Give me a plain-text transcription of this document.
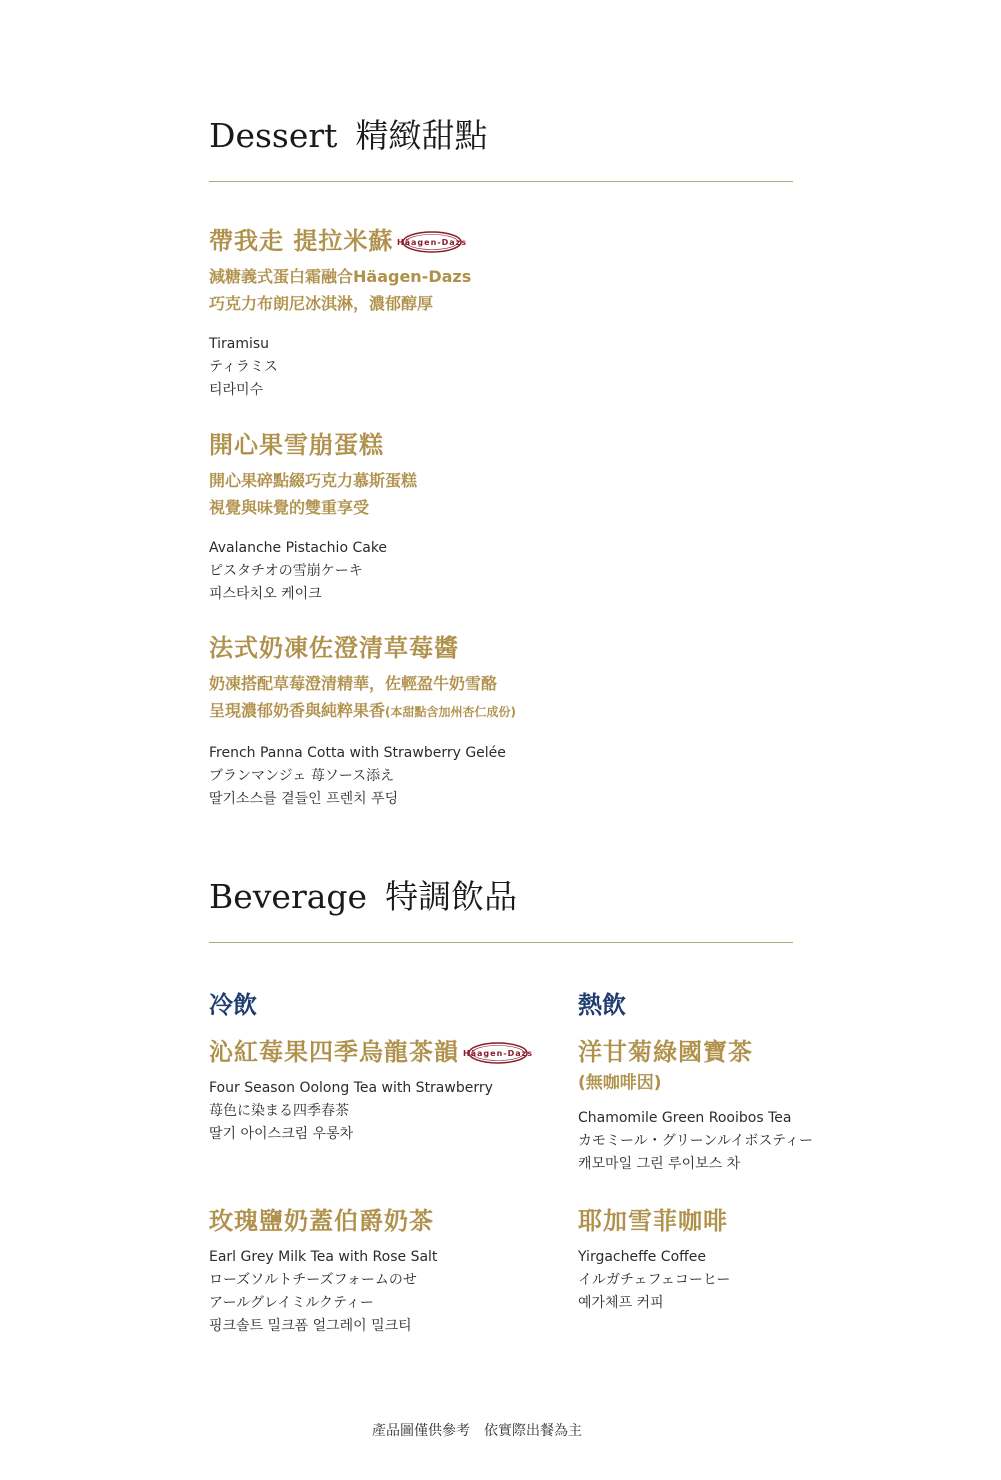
Dessert 精緻甜點
帶我走 提拉米蘇 Häagen-Dazs
減糖義式蛋白霜融合Häagen-Dazs
巧克力布朗尼冰淇淋，濃郁醇厚
Tiramisu
ティラミス
티라미수
開心果雪崩蛋糕
開心果碎點綴巧克力慕斯蛋糕
視覺與味覺的雙重享受
Avalanche Pistachio Cake
ピスタチオの雪崩ケーキ
피스타치오 케이크
法式奶凍佐澄清草莓醬
奶凍搭配草莓澄清精華，佐輕盈牛奶雪酪
呈現濃郁奶香與純粹果香(本甜點含加州杏仁成份)
French Panna Cotta with Strawberry Gelée
ブランマンジェ 苺ソース添え
딸기소스를 곁들인 프렌치 푸딩
Beverage 特調飲品
冷飲	熱飲
沁紅莓果四季烏龍茶韻 Häagen-Dazs
Four Season Oolong Tea with Strawberry
苺色に染まる四季春茶
딸기 아이스크림 우롱차
玫瑰鹽奶蓋伯爵奶茶
Earl Grey Milk Tea with Rose Salt
ローズソルトチーズフォームのせ
アールグレイミルクティー
핑크솔트 밀크폼 얼그레이 밀크티
洋甘菊綠國寶茶
(無咖啡因)
Chamomile Green Rooibos Tea
カモミール・グリーンルイボスティー
캐모마일 그린 루이보스 차
耶加雪菲咖啡
Yirgacheffe Coffee
イルガチェフェコーヒー
예가체프 커피
產品圖僅供參考　依實際出餐為主
